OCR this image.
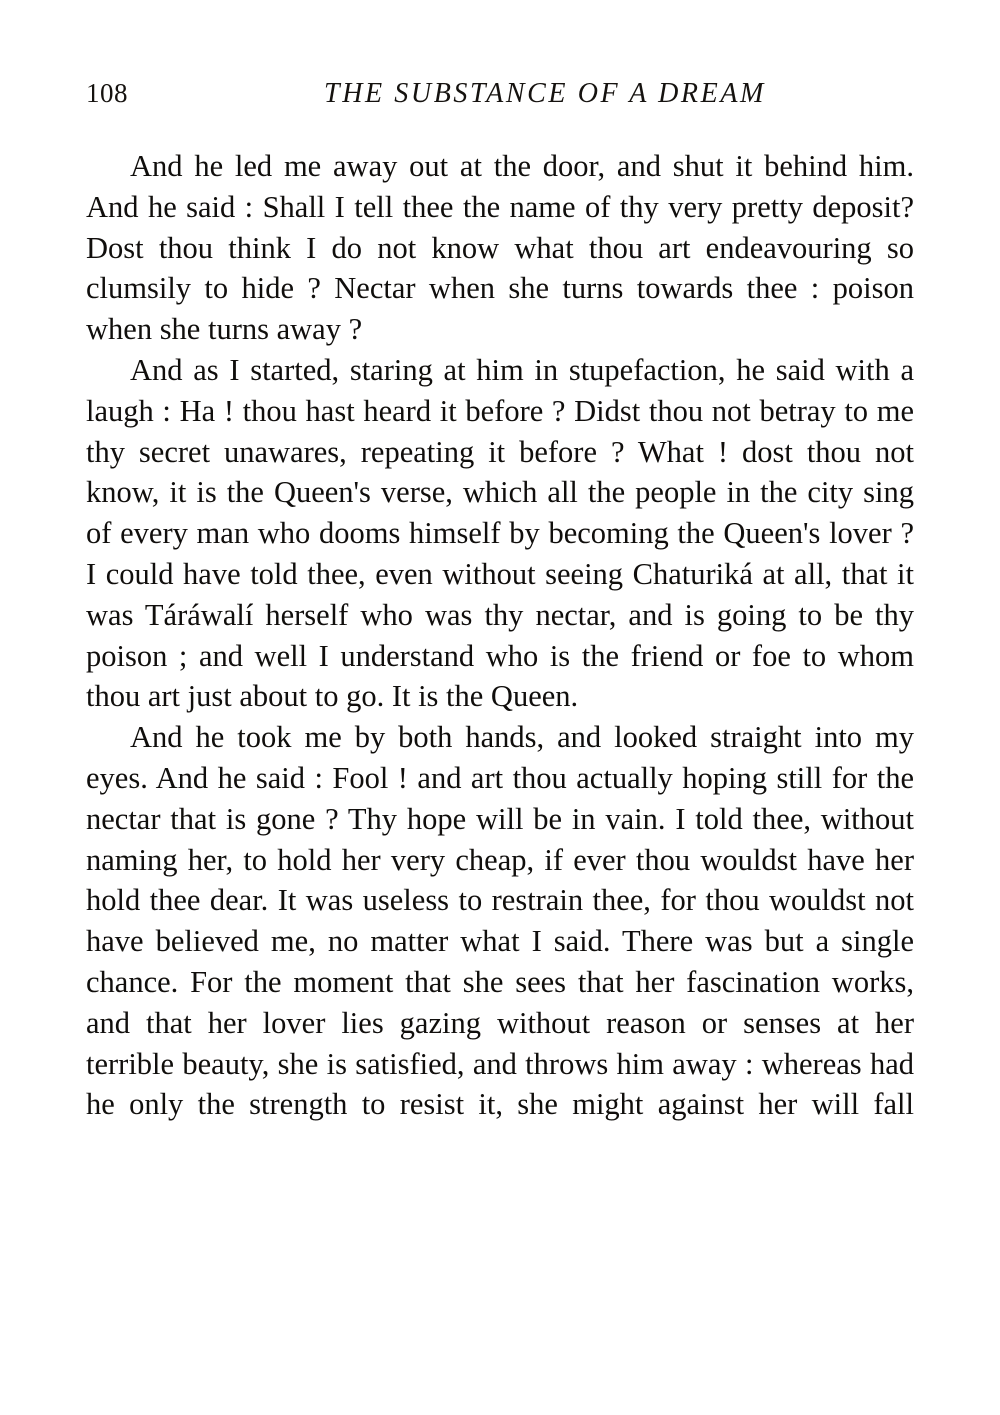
108	THE SUBSTANCE OF A DREAM

And he led me away out at the door, and shut it behind him. And he said : Shall I tell thee the name of thy very pretty deposit? Dost thou think I do not know what thou art endeavouring so clumsily to hide ? Nectar when she turns towards thee : poison when she turns away ?

And as I started, staring at him in stupefaction, he said with a laugh : Ha ! thou hast heard it before ? Didst thou not betray to me thy secret unawares, repeating it before ? What ! dost thou not know, it is the Queen's verse, which all the people in the city sing of every man who dooms himself by becoming the Queen's lover ? I could have told thee, even without seeing Chaturiká at all, that it was Táráwalí herself who was thy nectar, and is going to be thy poison ; and well I understand who is the friend or foe to whom thou art just about to go. It is the Queen.

And he took me by both hands, and looked straight into my eyes. And he said : Fool ! and art thou actually hoping still for the nectar that is gone ? Thy hope will be in vain. I told thee, without naming her, to hold her very cheap, if ever thou wouldst have her hold thee dear. It was useless to restrain thee, for thou wouldst not have believed me, no matter what I said. There was but a single chance. For the moment that she sees that her fascination works, and that her lover lies gazing without reason or senses at her terrible beauty, she is satisfied, and throws him away : whereas had he only the strength to resist it, she might against her will fall
